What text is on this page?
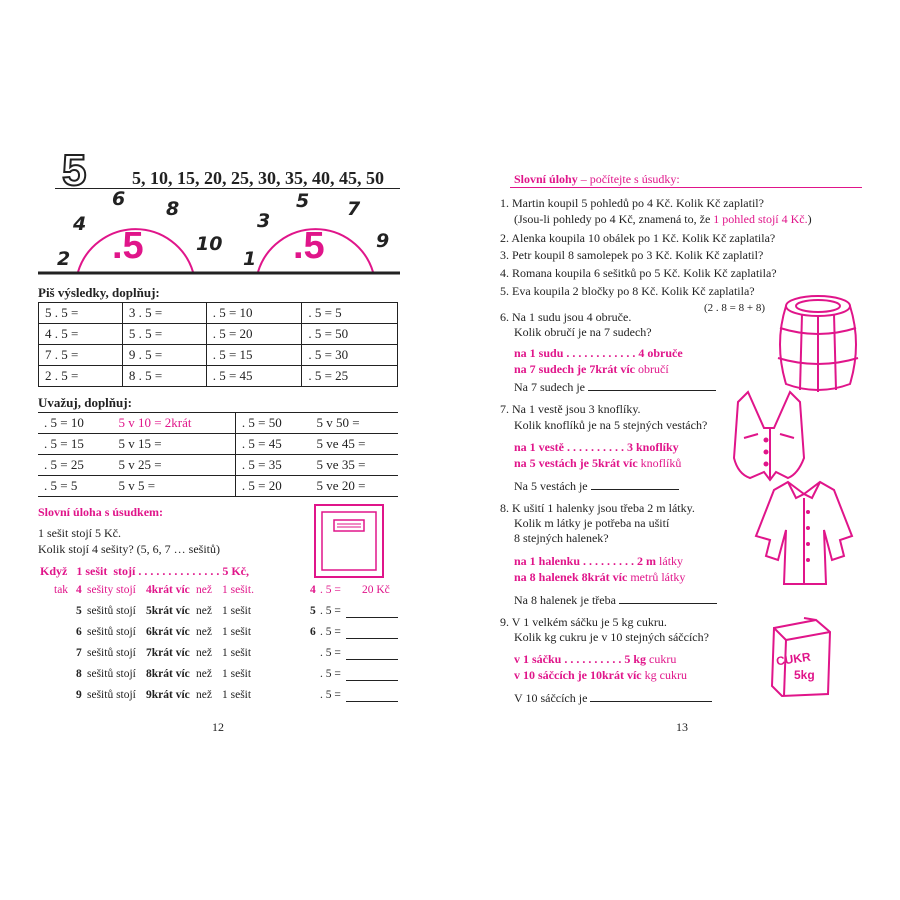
5	5, 10, 15, 20, 25, 30, 35, 40, 45, 50
2
4
6 8
10
.5	1
3
5 7
9
.5
Piš výsledky, doplňuj:
5 . 5 =	3 . 5 =	. 5 = 10	. 5 = 5
4 . 5 =	5 . 5 =	. 5 = 20	. 5 = 50
7 . 5 =	9 . 5 =	. 5 = 15	. 5 = 30
2 . 5 =	8 . 5 =	. 5 = 45	. 5 = 25
Uvažuj, doplňuj:
. 5 = 10	5 v 10 = 2krát	. 5 = 50	5 v 50 =
. 5 = 15	5 v 15 =	. 5 = 45	5 ve 45 =
. 5 = 25	5 v 25 =	. 5 = 35	5 ve 35 =
. 5 = 5	5 v 5 =	. 5 = 20	5 ve 20 =
Slovní úloha s úsudkem:
1 sešit stojí 5 Kč.
Kolik stojí 4 sešity? (5, 6, 7 … sešitů)
Když 1 sešit stojí . . . . . . . . . . . . . . 5 Kč,
tak 4 sešity stojí 4krát víc než 1 sešit.	4 . 5 = 20 Kč
5 sešitů stojí 5krát víc než 1 sešit	5 . 5 =
6 sešitů stojí 6krát víc než 1 sešit	6 . 5 =
7 sešitů stojí 7krát víc než 1 sešit	. 5 =
8 sešitů stojí 8krát víc než 1 sešit	. 5 =
9 sešitů stojí 9krát víc než 1 sešit	. 5 =
12
Slovní úlohy – počítejte s úsudky:
1. Martin koupil 5 pohledů po 4 Kč. Kolik Kč zaplatil?
(Jsou-li pohledy po 4 Kč, znamená to, že 1 pohled stojí 4 Kč.)
2. Alenka koupila 10 obálek po 1 Kč. Kolik Kč zaplatila?
3. Petr koupil 8 samolepek po 3 Kč. Kolik Kč zaplatil?
4. Romana koupila 6 sešitků po 5 Kč. Kolik Kč zaplatila?
5. Eva koupila 2 bločky po 8 Kč. Kolik Kč zaplatila?
(2 . 8 = 8 + 8)
6. Na 1 sudu jsou 4 obruče.
Kolik obručí je na 7 sudech?
na 1 sudu . . . . . . . . . . . . 4 obruče
na 7 sudech je 7krát víc obručí
Na 7 sudech je
7. Na 1 vestě jsou 3 knoflíky.
Kolik knoflíků je na 5 stejných vestách?
na 1 vestě . . . . . . . . . . 3 knoflíky
na 5 vestách je 5krát víc knoflíků
Na 5 vestách je
8. K ušití 1 halenky jsou třeba 2 m látky.
Kolik m látky je potřeba na ušití
8 stejných halenek?
na 1 halenku . . . . . . . . . 2 m látky
na 8 halenek 8krát víc metrů látky
Na 8 halenek je třeba
9. V 1 velkém sáčku je 5 kg cukru.
Kolik kg cukru je v 10 stejných sáčcích?
v 1 sáčku . . . . . . . . . . 5 kg cukru
v 10 sáčcích je 10krát víc kg cukru
V 10 sáčcích je
CUKR
5kg
13
